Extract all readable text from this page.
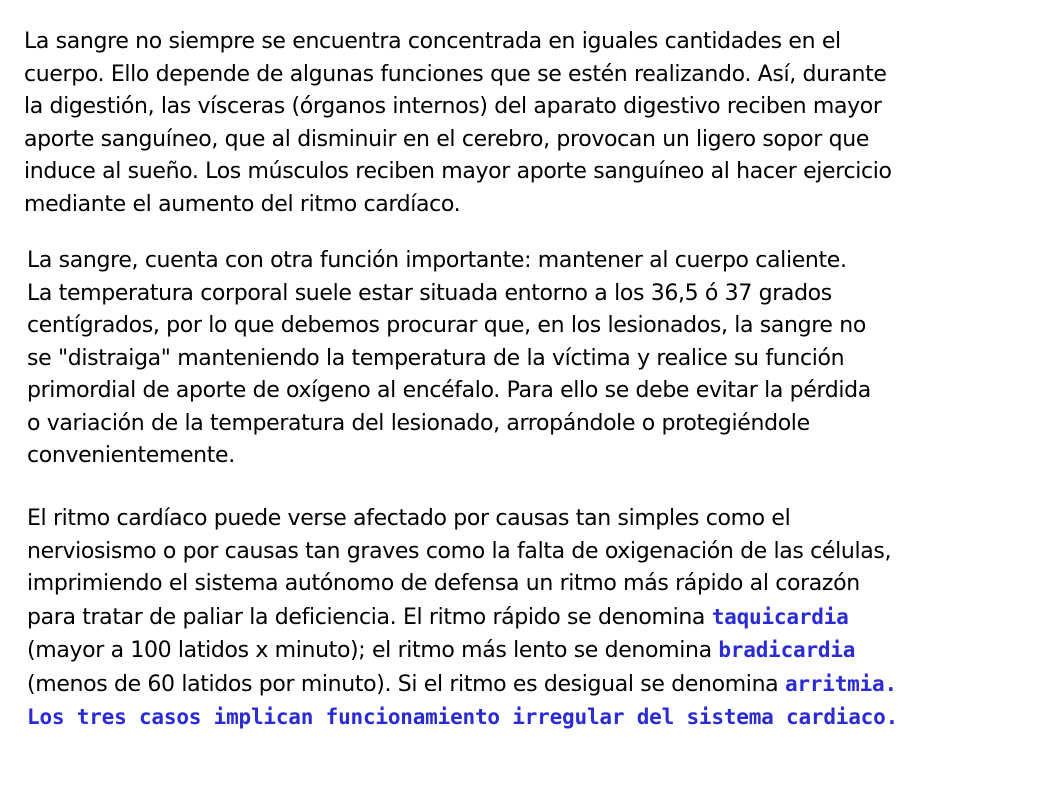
La sangre no siempre se encuentra concentrada en iguales cantidades en el
cuerpo. Ello depende de algunas funciones que se estén realizando. Así, durante
la digestión, las vísceras (órganos internos) del aparato digestivo reciben mayor
aporte sanguíneo, que al disminuir en el cerebro, provocan un ligero sopor que
induce al sueño. Los músculos reciben mayor aporte sanguíneo al hacer ejercicio
mediante el aumento del ritmo cardíaco.
La sangre, cuenta con otra función importante: mantener al cuerpo caliente.
La temperatura corporal suele estar situada entorno a los 36,5 ó 37 grados
centígrados, por lo que debemos procurar que, en los lesionados, la sangre no
se "distraiga" manteniendo la temperatura de la víctima y realice su función
primordial de aporte de oxígeno al encéfalo. Para ello se debe evitar la pérdida
o variación de la temperatura del lesionado, arropándole o protegiéndole
convenientemente.
El ritmo cardíaco puede verse afectado por causas tan simples como el
nerviosismo o por causas tan graves como la falta de oxigenación de las células,
imprimiendo el sistema autónomo de defensa un ritmo más rápido al corazón
para tratar de paliar la deficiencia. El ritmo rápido se denomina taquicardia
(mayor a 100 latidos x minuto); el ritmo más lento se denomina bradicardia
(menos de 60 latidos por minuto). Si el ritmo es desigual se denomina arritmia.
Los tres casos implican funcionamiento irregular del sistema cardiaco.
